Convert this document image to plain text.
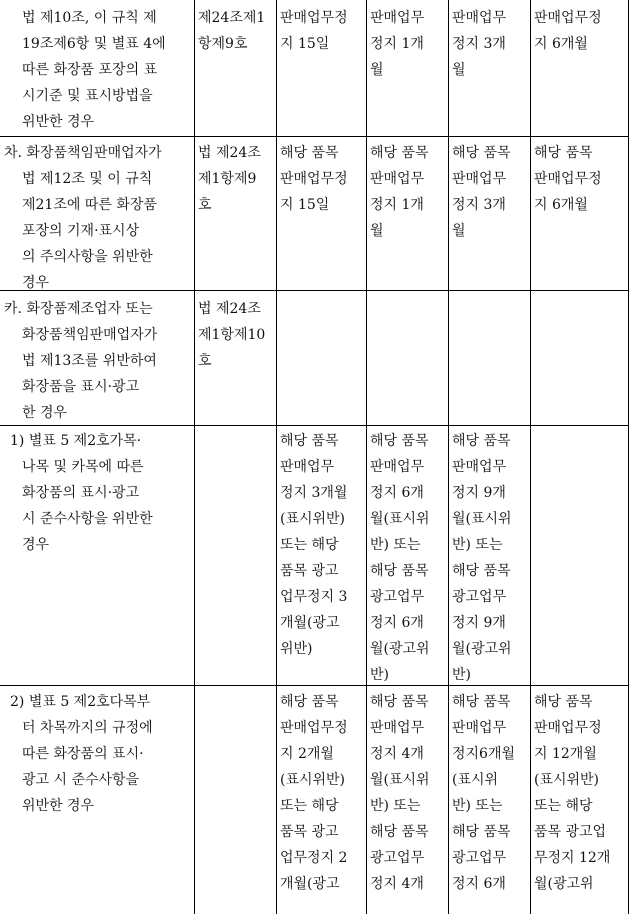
법 제10조, 이 규칙 제
19조제6항 및 별표 4에
따른 화장품 포장의 표
시기준 및 표시방법을
위반한 경우
제24조제1
항제9호
판매업무정
지 15일
판매업무
정지 1개
월
판매업무
정지 3개
월
판매업무정
지 6개월
차. 화장품책임판매업자가
법 제12조 및 이 규칙
제21조에 따른 화장품
포장의 기재·표시상
의 주의사항을 위반한
경우
법 제24조
제1항제9
호
해당 품목
판매업무정
지 15일
해당 품목
판매업무
정지 1개
월
해당 품목
판매업무
정지 3개
월
해당 품목
판매업무정
지 6개월
카. 화장품제조업자 또는
화장품책임판매업자가
법 제13조를 위반하여
화장품을 표시·광고
한 경우
법 제24조
제1항제10
호
1) 별표 5 제2호가목·
나목 및 카목에 따른
화장품의 표시·광고
시 준수사항을 위반한
경우
해당 품목
판매업무
정지 3개월
(표시위반)
또는 해당
품목 광고
업무정지 3
개월(광고
위반)
해당 품목
판매업무
정지 6개
월(표시위
반) 또는
해당 품목
광고업무
정지 6개
월(광고위
반)
해당 품목
판매업무
정지 9개
월(표시위
반) 또는
해당 품목
광고업무
정지 9개
월(광고위
반)
2) 별표 5 제2호다목부
터 차목까지의 규정에
따른 화장품의 표시·
광고 시 준수사항을
위반한 경우
해당 품목
판매업무정
지 2개월
(표시위반)
또는 해당
품목 광고
업무정지 2
개월(광고
해당 품목
판매업무
정지 4개
월(표시위
반) 또는
해당 품목
광고업무
정지 4개
해당 품목
판매업무
정지6개월
(표시위
반) 또는
해당 품목
광고업무
정지 6개
해당 품목
판매업무정
지 12개월
(표시위반)
또는 해당
품목 광고업
무정지 12개
월(광고위
